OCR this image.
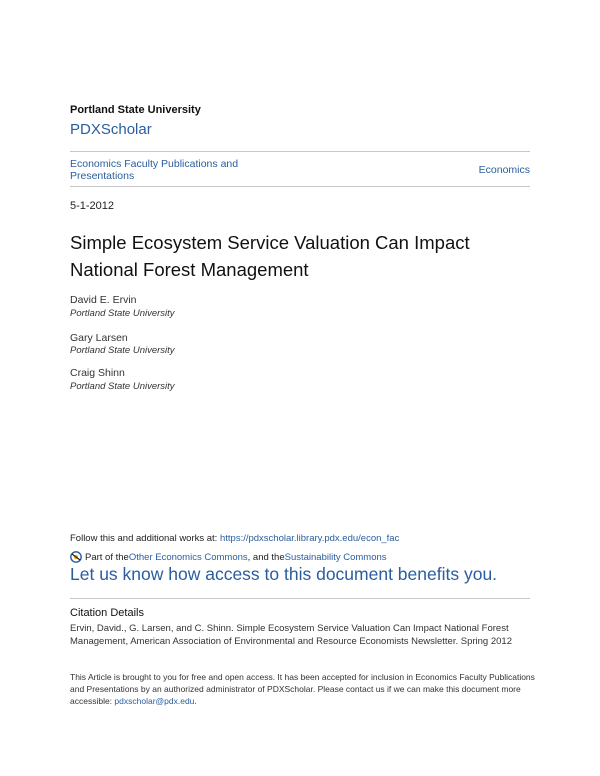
Portland State University
PDXScholar
Economics Faculty Publications and Presentations	Economics
5-1-2012
Simple Ecosystem Service Valuation Can Impact National Forest Management
David E. Ervin
Portland State University
Gary Larsen
Portland State University
Craig Shinn
Portland State University
Follow this and additional works at: https://pdxscholar.library.pdx.edu/econ_fac
Part of the Other Economics Commons , and the Sustainability Commons
Let us know how access to this document benefits you.
Citation Details
Ervin, David., G. Larsen, and C. Shinn. Simple Ecosystem Service Valuation Can Impact National Forest Management, American Association of Environmental and Resource Economists Newsletter. Spring 2012
This Article is brought to you for free and open access. It has been accepted for inclusion in Economics Faculty Publications and Presentations by an authorized administrator of PDXScholar. Please contact us if we can make this document more accessible: pdxscholar@pdx.edu.
